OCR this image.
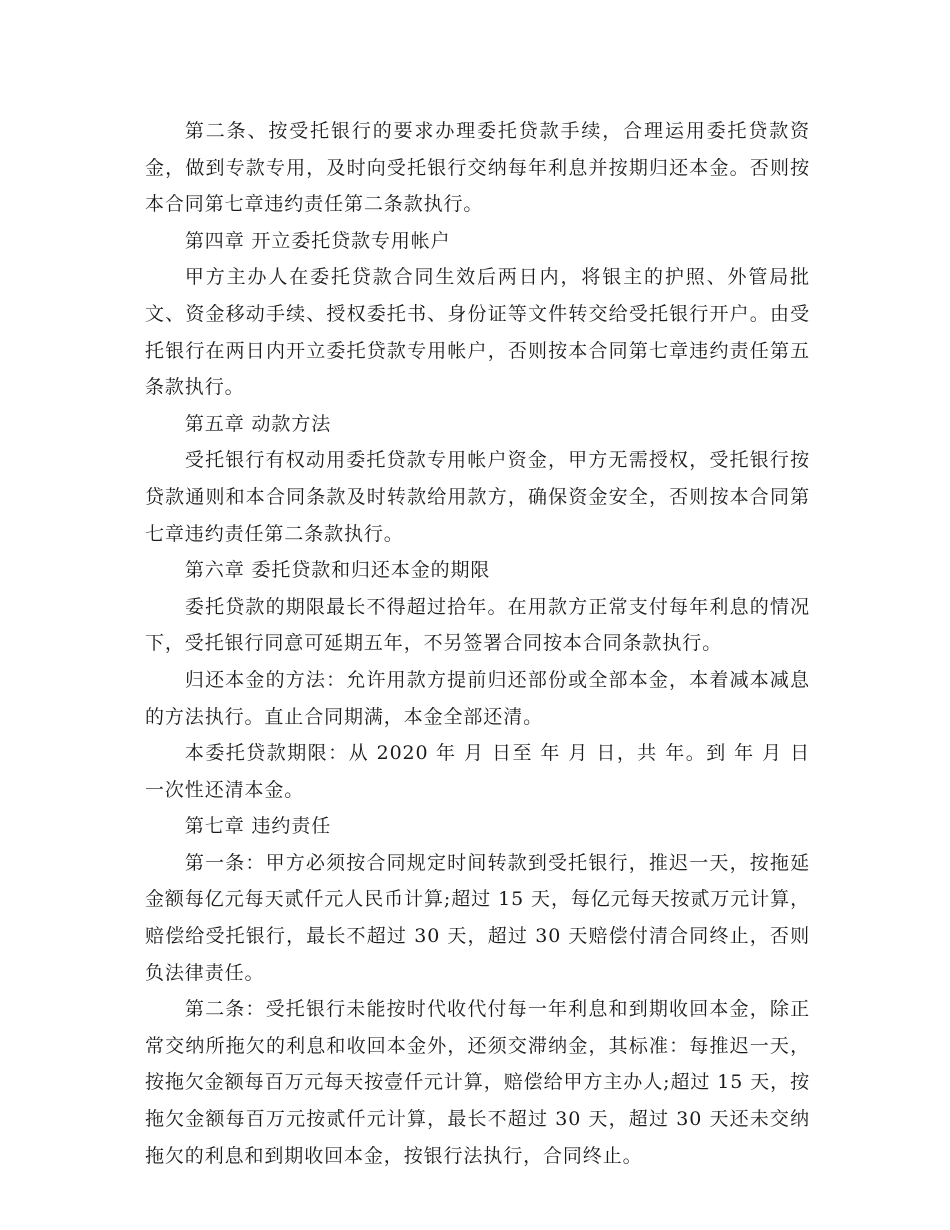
第二条、按受托银行的要求办理委托贷款手续，合理运用委托贷款资金，做到专款专用，及时向受托银行交纳每年利息并按期归还本金。否则按本合同第七章违约责任第二条款执行。

第四章 开立委托贷款专用帐户

甲方主办人在委托贷款合同生效后两日内，将银主的护照、外管局批文、资金移动手续、授权委托书、身份证等文件转交给受托银行开户。由受托银行在两日内开立委托贷款专用帐户，否则按本合同第七章违约责任第五条款执行。

第五章 动款方法

受托银行有权动用委托贷款专用帐户资金，甲方无需授权，受托银行按贷款通则和本合同条款及时转款给用款方，确保资金安全，否则按本合同第七章违约责任第二条款执行。

第六章 委托贷款和归还本金的期限

委托贷款的期限最长不得超过拾年。在用款方正常支付每年利息的情况下，受托银行同意可延期五年，不另签署合同按本合同条款执行。

归还本金的方法：允许用款方提前归还部份或全部本金，本着减本减息的方法执行。直止合同期满，本金全部还清。

本委托贷款期限：从 2020 年 月 日至 年 月 日，共 年。到 年 月 日一次性还清本金。

第七章 违约责任

第一条：甲方必须按合同规定时间转款到受托银行，推迟一天，按拖延金额每亿元每天贰仟元人民币计算;超过 15 天，每亿元每天按贰万元计算，赔偿给受托银行，最长不超过 30 天，超过 30 天赔偿付清合同终止，否则负法律责任。

第二条：受托银行未能按时代收代付每一年利息和到期收回本金，除正常交纳所拖欠的利息和收回本金外，还须交滞纳金，其标准：每推迟一天，按拖欠金额每百万元每天按壹仟元计算，赔偿给甲方主办人;超过 15 天，按拖欠金额每百万元按贰仟元计算，最长不超过 30 天，超过 30 天还未交纳拖欠的利息和到期收回本金，按银行法执行，合同终止。
